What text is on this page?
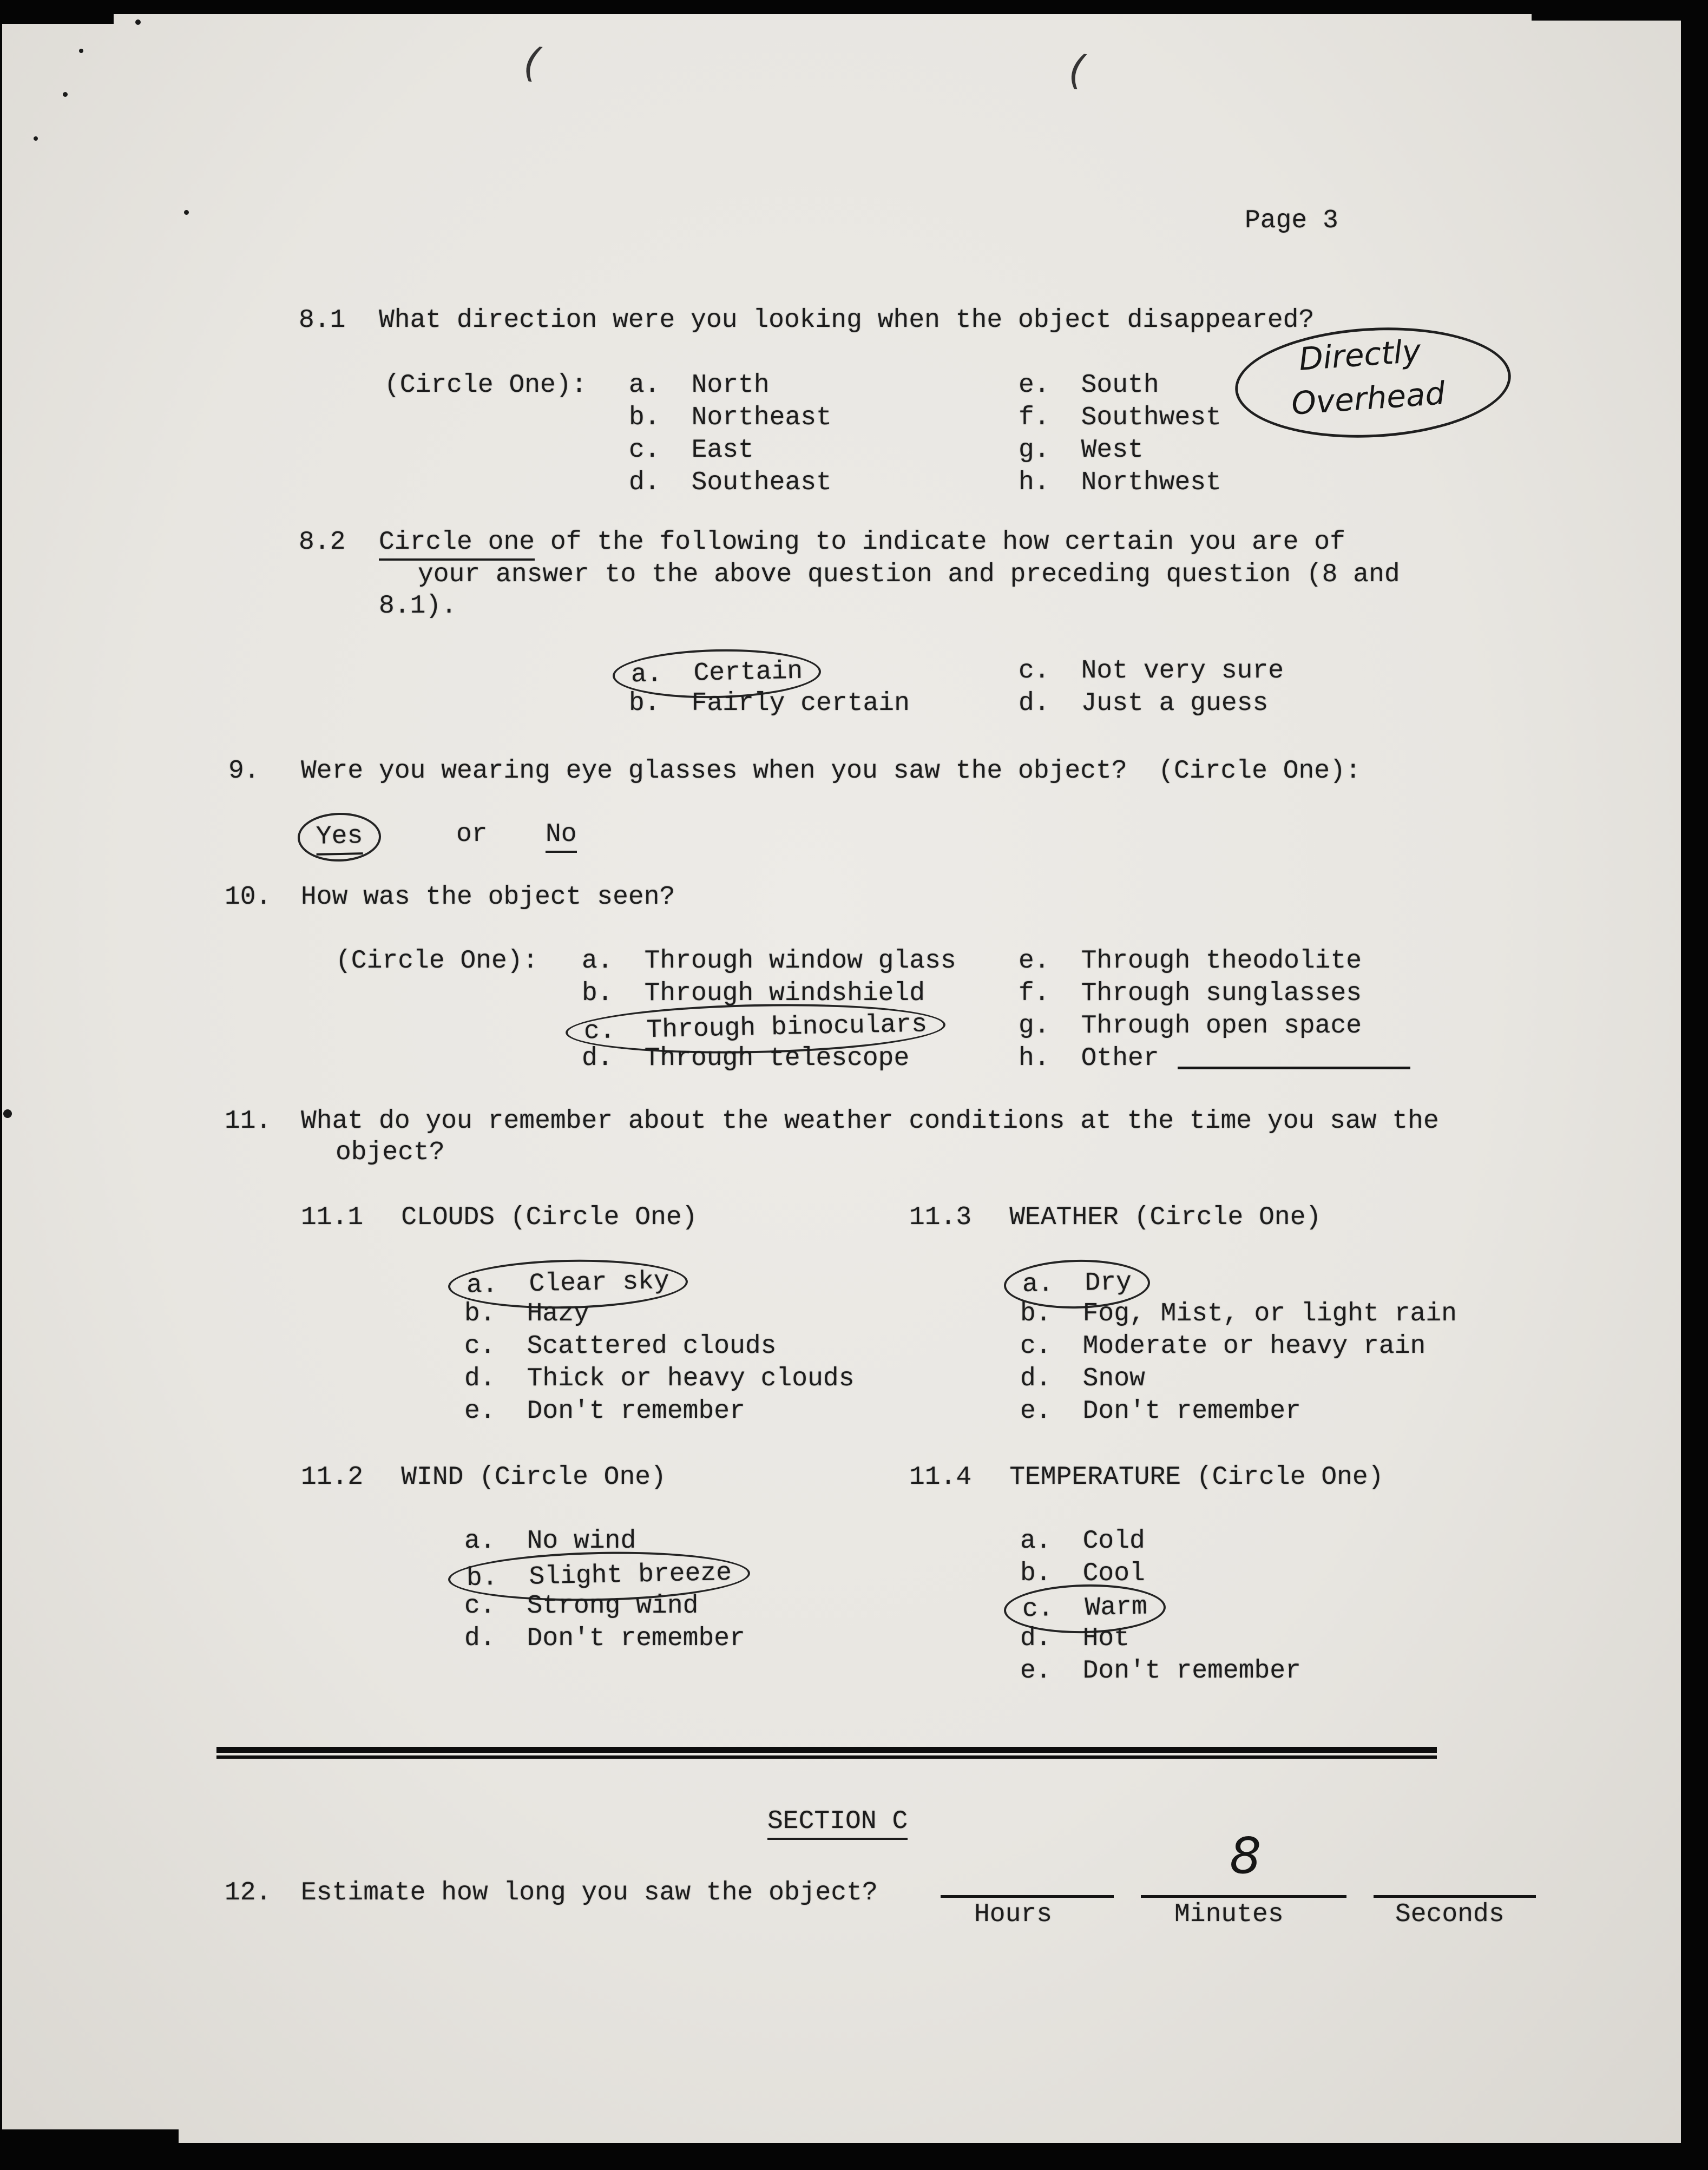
(	(
Page 3
8.1 What direction were you looking when the object disappeared?
(Circle One): a. North
b. Northeast
c. East
d. Southeast
e. South
f. Southwest
g. West
h. Northwest
Directly
Overhead
8.2 Circle one of the following to indicate how certain you are of
your answer to the above question and preceding question (8 and
8.1).
a. Certain
b. Fairly certain
c. Not very sure
d. Just a guess
9. Were you wearing eye glasses when you saw the object?  (Circle One):
Yes	or No
10. How was the object seen?
(Circle One): a. Through window glass
b. Through windshield
c. Through binoculars
d. Through telescope
e. Through theodolite
f. Through sunglasses
g. Through open space
h. Other
11. What do you remember about the weather conditions at the time you saw the
object?
11.1 CLOUDS (Circle One)
a. Clear sky
b. Hazy
c. Scattered clouds
d. Thick or heavy clouds
e. Don't remember
11.3 WEATHER (Circle One)
a. Dry
b. Fog, Mist, or light rain
c. Moderate or heavy rain
d. Snow
e. Don't remember
11.2 WIND (Circle One)
a. No wind
b. Slight breeze
c. Strong wind
d. Don't remember
11.4 TEMPERATURE (Circle One)
a. Cold
b. Cool
c. Warm
d. Hot
e. Don't remember
SECTION C
12. Estimate how long you saw the object?
8
Hours	Minutes	Seconds
